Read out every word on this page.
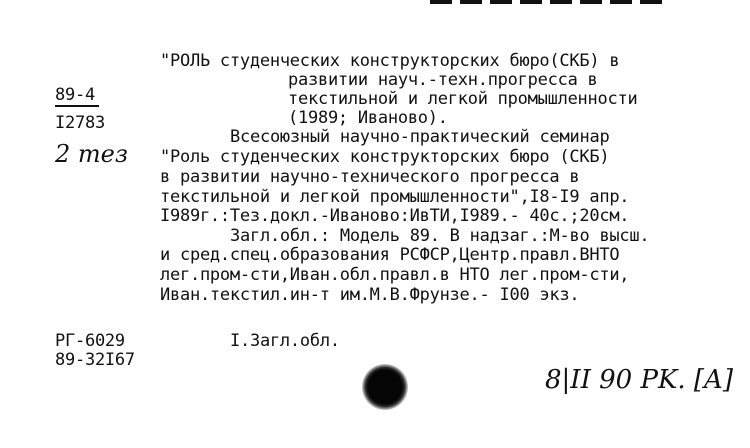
"РОЛЬ студенческих конструкторских бюро(СКБ) в
развитии науч.-техн.прогресса в
текстильной и легкой промышленности
(1989; Иваново).
89-4
I2783
2 тез
Всесоюзный научно-практический семинар
"Роль студенческих конструкторских бюро (СКБ)
в развитии научно-технического прогресса в
текстильной и легкой промышленности",I8-I9 апр.
I989г.:Тез.докл.-Иваново:ИвТИ,I989.- 40с.;20см.
Загл.обл.: Модель 89. В надзаг.:М-во высш.
и сред.спец.образования РСФСР,Центр.правл.ВНТО
лег.пром-сти,Иван.обл.правл.в НТО лег.пром-сти,
Иван.текстил.ин-т им.М.В.Фрунзе.- I00 экз.
РГ-6029
89-32I67
I.Загл.обл.
8|II 90 PK. [A]
